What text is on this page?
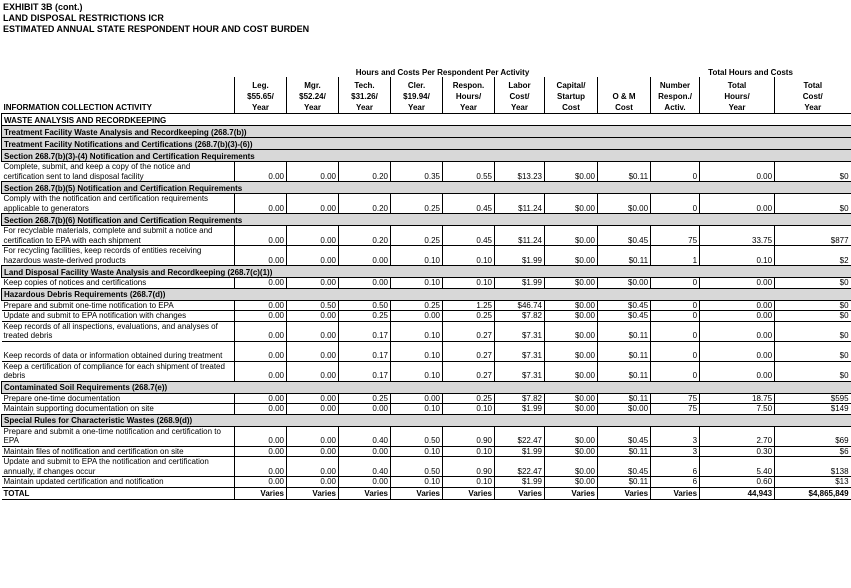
EXHIBIT 3B (cont.)
LAND DISPOSAL RESTRICTIONS ICR
ESTIMATED ANNUAL STATE RESPONDENT HOUR AND COST BURDEN
	Hours and Costs Per Respondent Per Activity								Total Hours and Costs		
INFORMATION COLLECTION ACTIVITY	Leg.
$55.65/
Year	Mgr.
$52.24/
Year	Tech.
$31.26/
Year	Cler.
$19.94/
Year	Respon.
Hours/
Year	Labor
Cost/
Year	Capital/
Startup
Cost	O & M
Cost	Number
Respon./
Activ.	Total
Hours/
Year	Total
Cost/
Year
WASTE ANALYSIS AND RECORDKEEPING											
Treatment Facility Waste Analysis and Recordkeeping (268.7(b))											
Treatment Facility Notifications and Certifications (268.7(b)(3)-(6))											
Section 268.7(b)(3)-(4) Notification and Certification Requirements											
Complete, submit, and keep a copy of the notice and certification sent to land disposal facility	0.00	0.00	0.20	0.35	0.55	$13.23	$0.00	$0.11	0	0.00	$0
Section 268.7(b)(5) Notification and Certification Requirements											
Comply with the notification and certification requirements applicable to generators	0.00	0.00	0.20	0.25	0.45	$11.24	$0.00	$0.00	0	0.00	$0
Section 268.7(b)(6) Notification and Certification Requirements											
For recyclable materials, complete and submit a notice and certification to EPA with each shipment	0.00	0.00	0.20	0.25	0.45	$11.24	$0.00	$0.45	75	33.75	$877
For recycling facilities, keep records of entities receiving hazardous waste-derived products	0.00	0.00	0.00	0.10	0.10	$1.99	$0.00	$0.11	1	0.10	$2
Land Disposal Facility Waste Analysis and Recordkeeping (268.7(c)(1))											
Keep copies of notices and certifications	0.00	0.00	0.00	0.10	0.10	$1.99	$0.00	$0.00	0	0.00	$0
Hazardous Debris Requirements (268.7(d))											
Prepare and submit one-time notification to EPA	0.00	0.50	0.50	0.25	1.25	$46.74	$0.00	$0.45	0	0.00	$0
Update and submit to EPA notification with changes	0.00	0.00	0.25	0.00	0.25	$7.82	$0.00	$0.45	0	0.00	$0
Keep records of all inspections, evaluations, and analyses of treated debris	0.00	0.00	0.17	0.10	0.27	$7.31	$0.00	$0.11	0	0.00	$0
Keep records of data or information obtained during treatment	0.00	0.00	0.17	0.10	0.27	$7.31	$0.00	$0.11	0	0.00	$0
Keep a certification of compliance for each shipment of treated debris	0.00	0.00	0.17	0.10	0.27	$7.31	$0.00	$0.11	0	0.00	$0
Contaminated Soil Requirements (268.7(e))											
Prepare one-time documentation	0.00	0.00	0.25	0.00	0.25	$7.82	$0.00	$0.11	75	18.75	$595
Maintain supporting documentation on site	0.00	0.00	0.00	0.10	0.10	$1.99	$0.00	$0.00	75	7.50	$149
Special Rules for Characteristic Wastes (268.9(d))											
Prepare and submit a one-time notification and certification to EPA	0.00	0.00	0.40	0.50	0.90	$22.47	$0.00	$0.45	3	2.70	$69
Maintain files of notification and certification on site	0.00	0.00	0.00	0.10	0.10	$1.99	$0.00	$0.11	3	0.30	$6
Update and submit to EPA the notification and certification annually, if changes occur	0.00	0.00	0.40	0.50	0.90	$22.47	$0.00	$0.45	6	5.40	$138
Maintain updated certification and notification	0.00	0.00	0.00	0.10	0.10	$1.99	$0.00	$0.11	6	0.60	$13
TOTAL	Varies	Varies	Varies	Varies	Varies	Varies	Varies	Varies	Varies	44,943	$4,865,849
